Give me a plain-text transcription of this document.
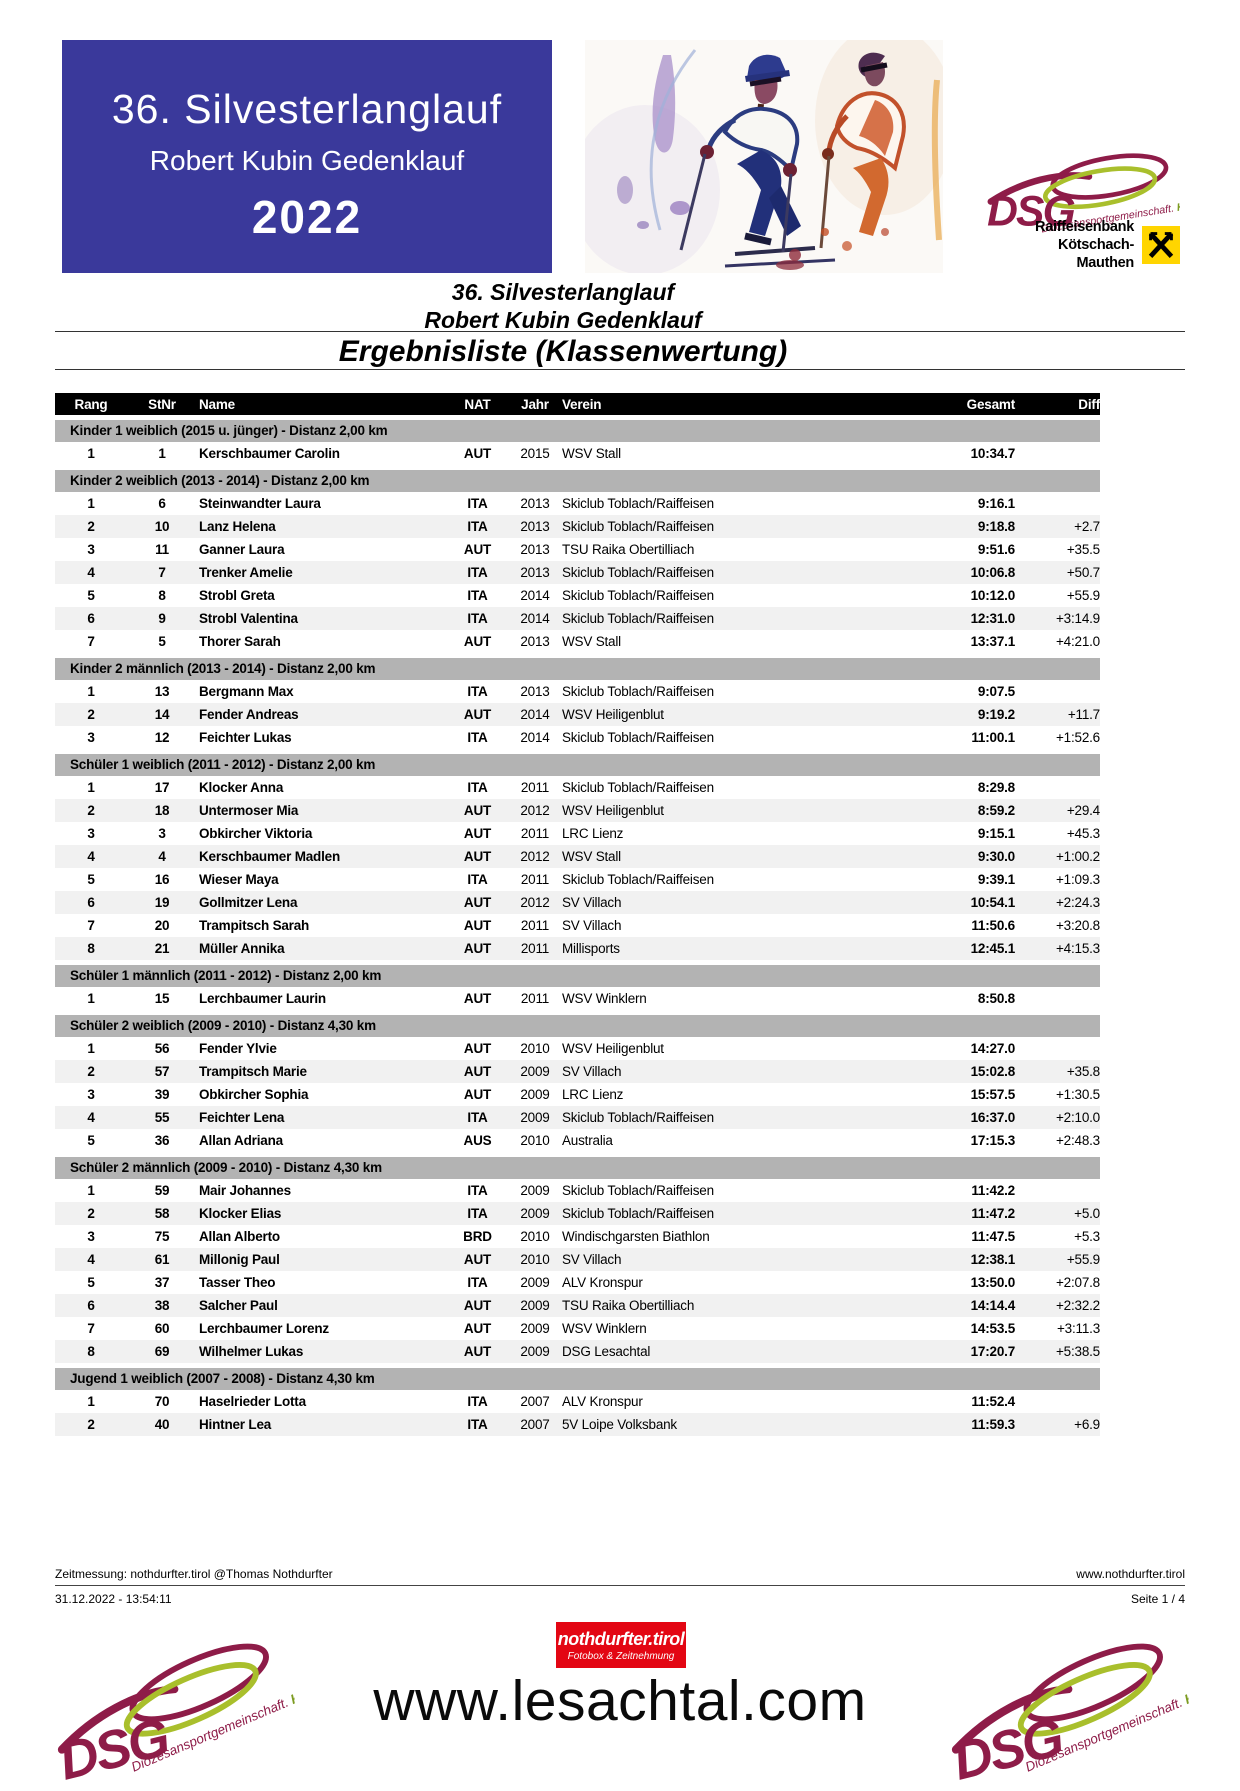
36. Silvesterlanglauf
Robert Kubin Gedenklauf
2022	Raiffeisenbank
Kötschach-Mauthen
36. Silvesterlanglauf
Robert Kubin Gedenklauf
Ergebnisliste (Klassenwertung)
Rang	StNr	Name	NAT	Jahr Verein	Gesamt	Diff
Kinder 1 weiblich (2015 u. jünger) - Distanz 2,00 km
1	1	Kerschbaumer Carolin	AUT	2015 WSV Stall	10:34.7
Kinder 2 weiblich (2013 - 2014) - Distanz 2,00 km
1	6	Steinwandter Laura	ITA	2013 Skiclub Toblach/Raiffeisen	9:16.1
2	10	Lanz Helena	ITA	2013 Skiclub Toblach/Raiffeisen	9:18.8	+2.7
3	11	Ganner Laura	AUT	2013 TSU Raika Obertilliach	9:51.6	+35.5
4	7	Trenker Amelie	ITA	2013 Skiclub Toblach/Raiffeisen	10:06.8	+50.7
5	8	Strobl Greta	ITA	2014 Skiclub Toblach/Raiffeisen	10:12.0	+55.9
6	9	Strobl Valentina	ITA	2014 Skiclub Toblach/Raiffeisen	12:31.0	+3:14.9
7	5	Thorer Sarah	AUT	2013 WSV Stall	13:37.1	+4:21.0
Kinder 2 männlich (2013 - 2014) - Distanz 2,00 km
1	13	Bergmann Max	ITA	2013 Skiclub Toblach/Raiffeisen	9:07.5
2	14	Fender Andreas	AUT	2014 WSV Heiligenblut	9:19.2	+11.7
3	12	Feichter Lukas	ITA	2014 Skiclub Toblach/Raiffeisen	11:00.1	+1:52.6
Schüler 1 weiblich (2011 - 2012) - Distanz 2,00 km
1	17	Klocker Anna	ITA	2011 Skiclub Toblach/Raiffeisen	8:29.8
2	18	Untermoser Mia	AUT	2012 WSV Heiligenblut	8:59.2	+29.4
3	3	Obkircher Viktoria	AUT	2011 LRC Lienz	9:15.1	+45.3
4	4	Kerschbaumer Madlen	AUT	2012 WSV Stall	9:30.0	+1:00.2
5	16	Wieser Maya	ITA	2011 Skiclub Toblach/Raiffeisen	9:39.1	+1:09.3
6	19	Gollmitzer Lena	AUT	2012 SV Villach	10:54.1	+2:24.3
7	20	Trampitsch Sarah	AUT	2011 SV Villach	11:50.6	+3:20.8
8	21	Müller Annika	AUT	2011 Millisports	12:45.1	+4:15.3
Schüler 1 männlich (2011 - 2012) - Distanz 2,00 km
1	15	Lerchbaumer Laurin	AUT	2011 WSV Winklern	8:50.8
Schüler 2 weiblich (2009 - 2010) - Distanz 4,30 km
1	56	Fender Ylvie	AUT	2010 WSV Heiligenblut	14:27.0
2	57	Trampitsch Marie	AUT	2009 SV Villach	15:02.8	+35.8
3	39	Obkircher Sophia	AUT	2009 LRC Lienz	15:57.5	+1:30.5
4	55	Feichter Lena	ITA	2009 Skiclub Toblach/Raiffeisen	16:37.0	+2:10.0
5	36	Allan Adriana	AUS	2010 Australia	17:15.3	+2:48.3
Schüler 2 männlich (2009 - 2010) - Distanz 4,30 km
1	59	Mair Johannes	ITA	2009 Skiclub Toblach/Raiffeisen	11:42.2
2	58	Klocker Elias	ITA	2009 Skiclub Toblach/Raiffeisen	11:47.2	+5.0
3	75	Allan Alberto	BRD	2010 Windischgarsten Biathlon	11:47.5	+5.3
4	61	Millonig Paul	AUT	2010 SV Villach	12:38.1	+55.9
5	37	Tasser Theo	ITA	2009 ALV Kronspur	13:50.0	+2:07.8
6	38	Salcher Paul	AUT	2009 TSU Raika Obertilliach	14:14.4	+2:32.2
7	60	Lerchbaumer Lorenz	AUT	2009 WSV Winklern	14:53.5	+3:11.3
8	69	Wilhelmer Lukas	AUT	2009 DSG Lesachtal	17:20.7	+5:38.5
Jugend 1 weiblich (2007 - 2008) - Distanz 4,30 km
1	70	Haselrieder Lotta	ITA	2007 ALV Kronspur	11:52.4
2	40	Hintner Lea	ITA	2007 5V Loipe Volksbank	11:59.3	+6.9
Zeitmessung: nothdurfter.tirol @Thomas Nothdurfter	www.nothdurfter.tirol
31.12.2022 - 13:54:11	Seite 1 / 4
nothdurfter.tirol
Fotobox & Zeitnehmung
www.lesachtal.com
